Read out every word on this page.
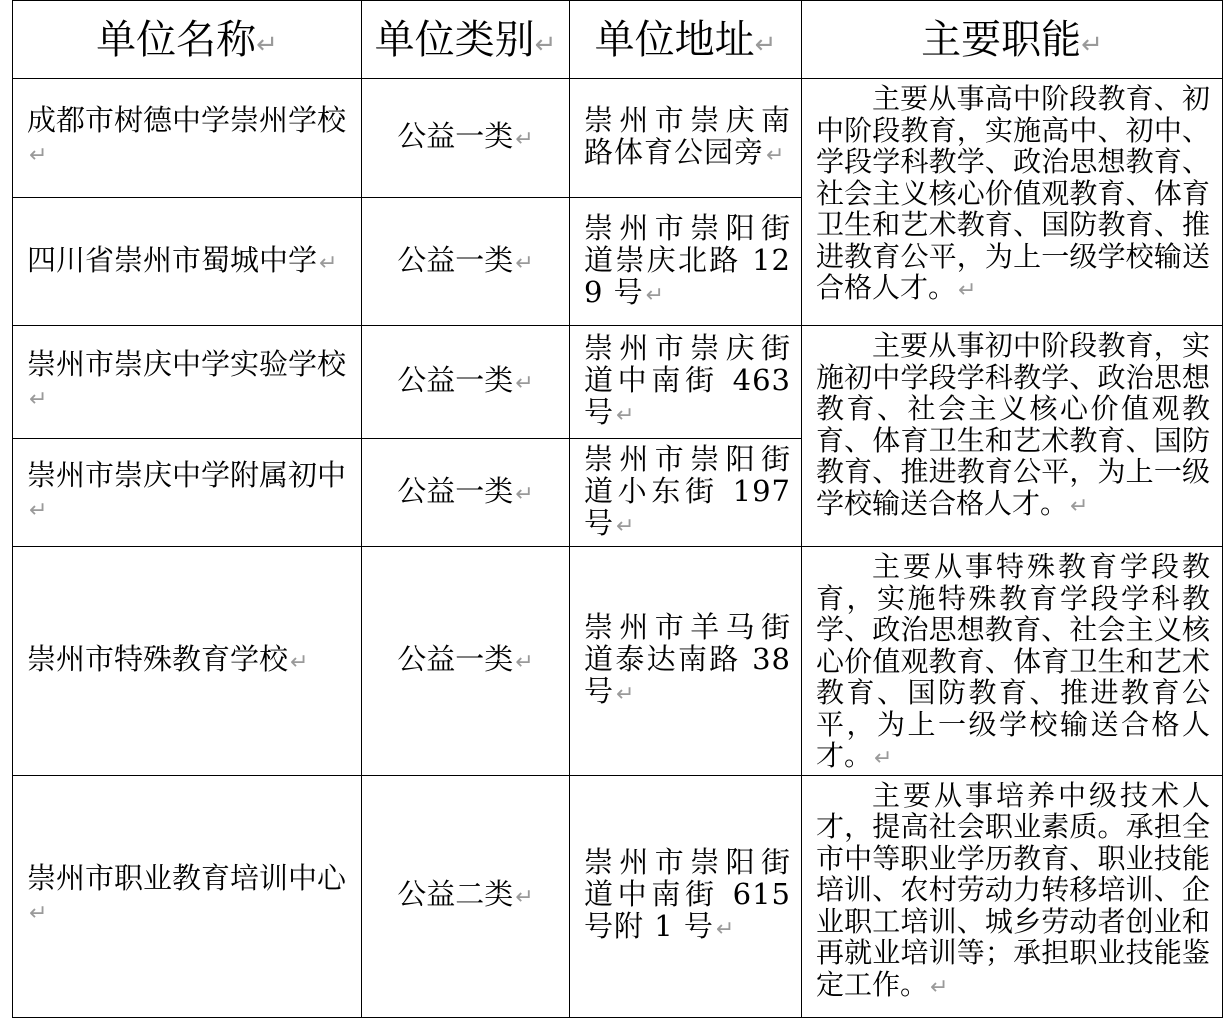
单位名称↵	单位类别↵	单位地址↵	主要职能↵
成都市树德中学崇州学校↵	公益一类↵	崇州市崇庆南路体育公园旁↵	主要从事高中阶段教育、初中阶段教育，实施高中、初中、学段学科教学、政治思想教育、社会主义核心价值观教育、体育卫生和艺术教育、国防教育、推进教育公平，为上一级学校输送合格人才。↵

四川省崇州市蜀城中学↵	公益一类↵	崇州市崇阳街道崇庆北路 129 号↵	
崇州市崇庆中学实验学校↵	公益一类↵	崇州市崇庆街道中南街 463 号↵	主要从事初中阶段教育，实施初中学段学科教学、政治思想教育、社会主义核心价值观教育、体育卫生和艺术教育、国防教育、推进教育公平，为上一级学校输送合格人才。↵

崇州市崇庆中学附属初中↵	公益一类↵	崇州市崇阳街道小东街 197 号↵	
崇州市特殊教育学校↵	公益一类↵	崇州市羊马街道泰达南路 38 号↵	主要从事特殊教育学段教育，实施特殊教育学段学科教学、政治思想教育、社会主义核心价值观教育、体育卫生和艺术教育、国防教育、推进教育公平，为上一级学校输送合格人才。↵

崇州市职业教育培训中心↵	公益二类↵	崇州市崇阳街道中南街 615 号附 1 号↵	主要从事培养中级技术人才，提高社会职业素质。承担全市中等职业学历教育、职业技能培训、农村劳动力转移培训、企业职工培训、城乡劳动者创业和再就业培训等；承担职业技能鉴定工作。↵
